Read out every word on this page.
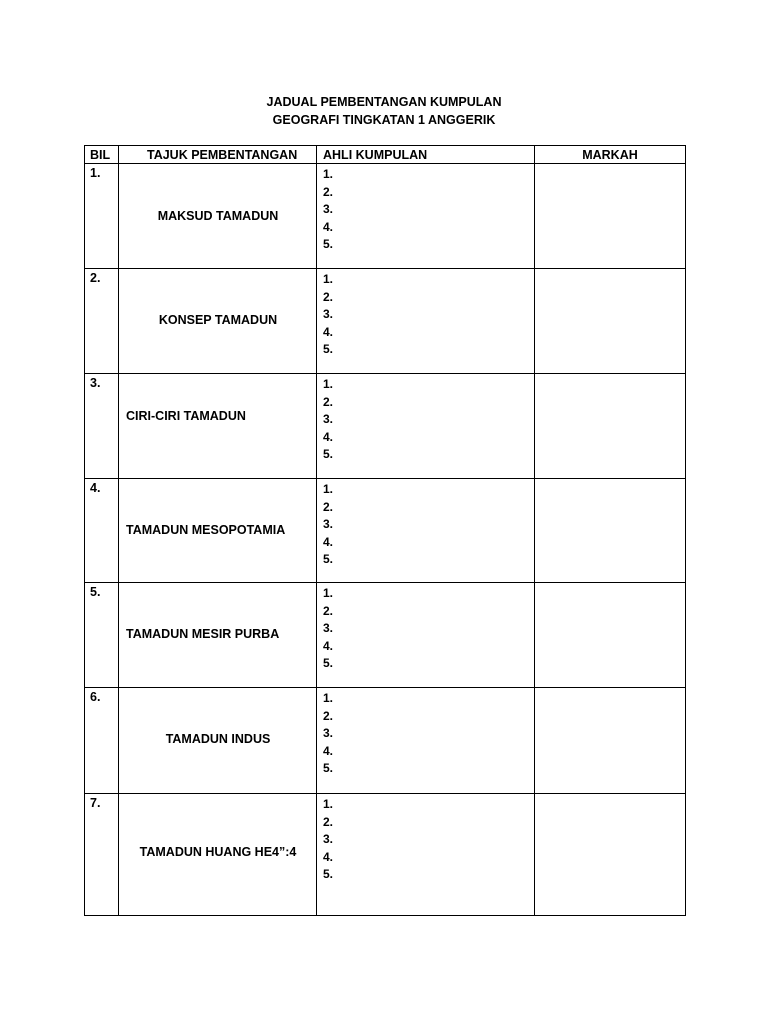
JADUAL PEMBENTANGAN KUMPULAN
GEOGRAFI TINGKATAN 1 ANGGERIK
BIL	TAJUK PEMBENTANGAN AHLI KUMPULAN	MARKAH
1.
MAKSUD TAMADUN
1.
2.
3.
4.
5.
2.
KONSEP TAMADUN
1.
2.
3.
4.
5.
3.
CIRI-CIRI TAMADUN
1.
2.
3.
4.
5.
4.
TAMADUN MESOPOTAMIA
1.
2.
3.
4.
5.
5.
TAMADUN MESIR PURBA
1.
2.
3.
4.
5.
6.
TAMADUN INDUS
1.
2.
3.
4.
5.
7.
TAMADUN HUANG HE4”:4
1.
2.
3.
4.
5.
